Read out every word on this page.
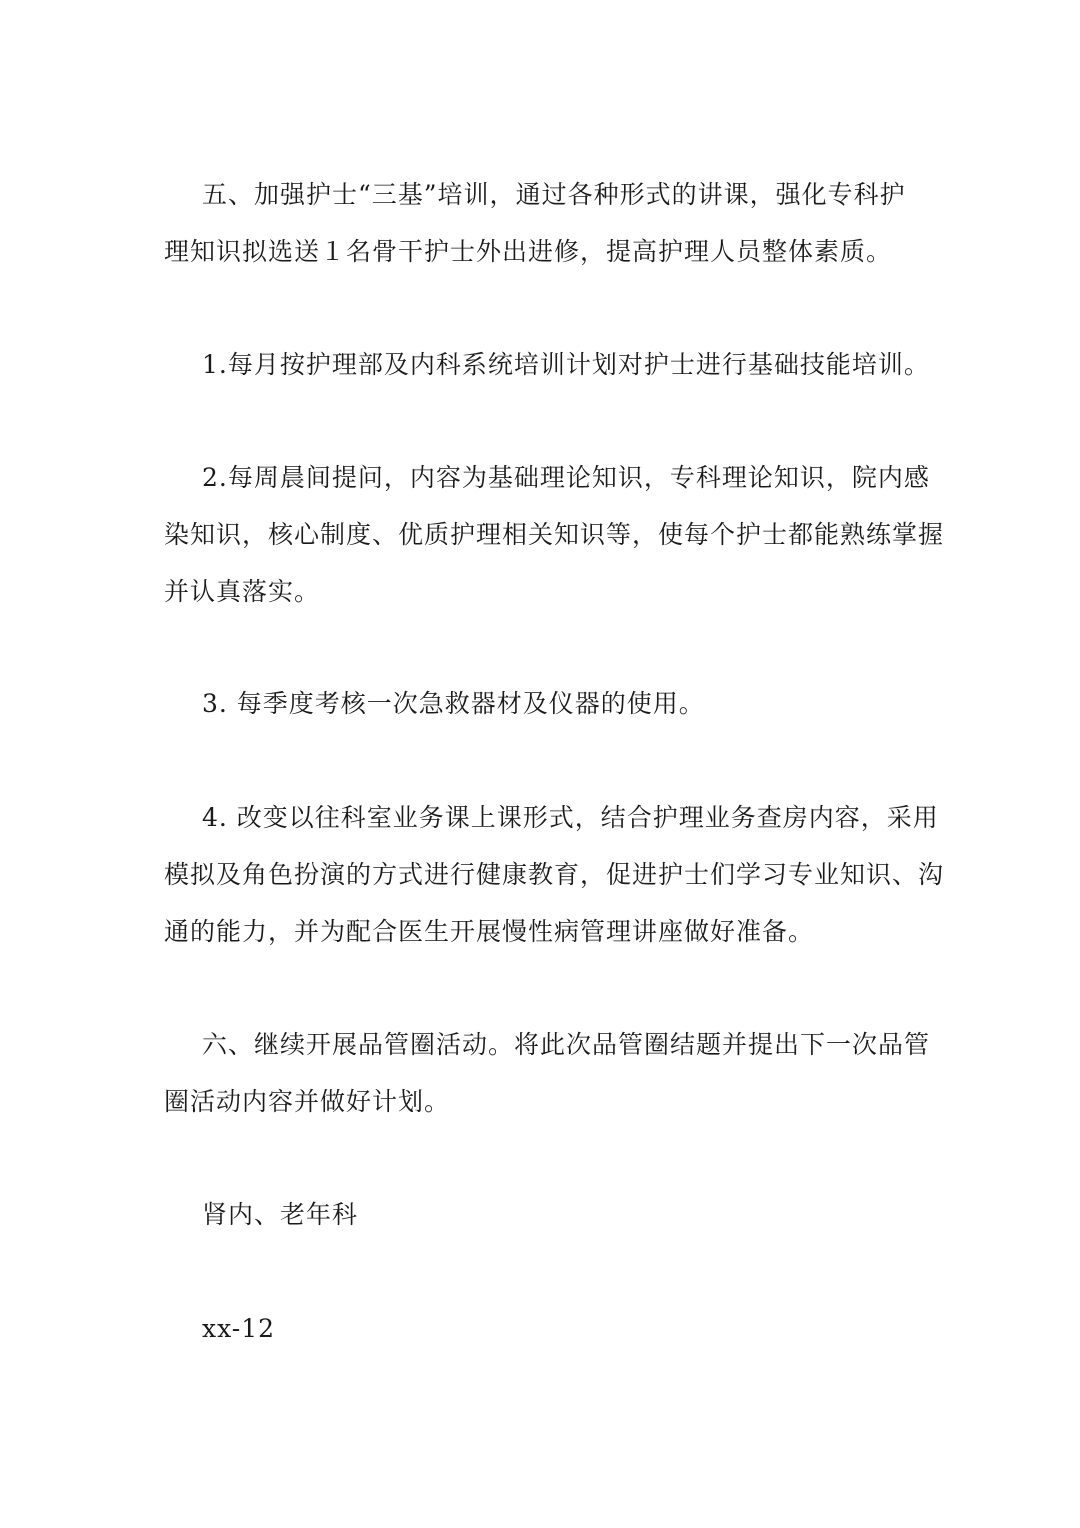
五、加强护士“三基”培训，通过各种形式的讲课，强化专科护
理知识拟选送１名骨干护士外出进修，提高护理人员整体素质。

1.每月按护理部及内科系统培训计划对护士进行基础技能培训。

2.每周晨间提问，内容为基础理论知识，专科理论知识，院内感
染知识，核心制度、优质护理相关知识等，使每个护士都能熟练掌握
并认真落实。

3. 每季度考核一次急救器材及仪器的使用。

4. 改变以往科室业务课上课形式，结合护理业务查房内容，采用
模拟及角色扮演的方式进行健康教育，促进护士们学习专业知识、沟
通的能力，并为配合医生开展慢性病管理讲座做好准备。

六、继续开展品管圈活动。将此次品管圈结题并提出下一次品管
圈活动内容并做好计划。

肾内、老年科

xx-12
